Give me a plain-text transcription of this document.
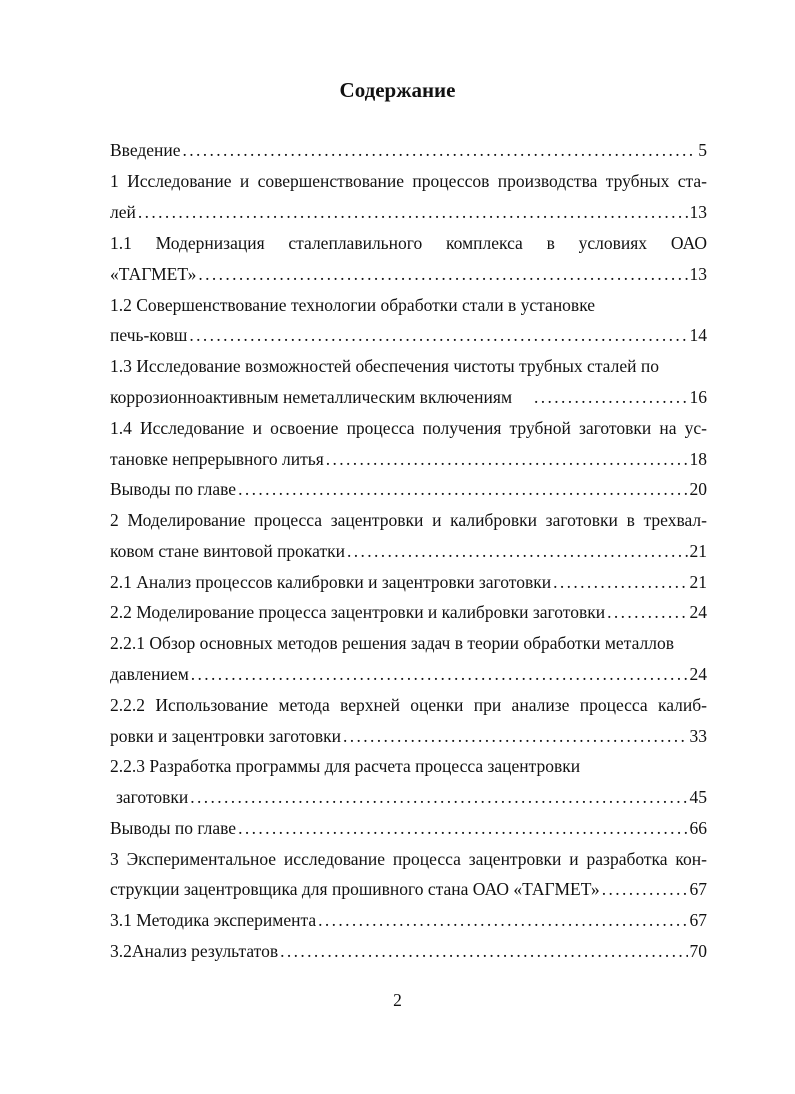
Содержание
Введение . . .	5
1 Исследование и совершенствование процессов производства трубных ста-
лей . . .	13
1.1 Модернизация сталеплавильного комплекса в условиях ОАО
«ТАГМЕТ» . . .	13
1.2 Совершенствование технологии обработки стали в установке
печь-ковш . . .	14
1.3 Исследование возможностей обеспечения чистоты трубных сталей по
коррозионноактивным неметаллическим включениям . . .	16
1.4 Исследование и освоение процесса получения трубной заготовки на ус-
тановке непрерывного литья . . .	18
Выводы по главе . . .	20
2 Моделирование процесса зацентровки и калибровки заготовки в трехвал-
ковом стане винтовой прокатки . . .	21
2.1 Анализ процессов калибровки и зацентровки заготовки . . .	21
2.2 Моделирование процесса зацентровки и калибровки заготовки . . .	24
2.2.1 Обзор основных методов решения задач в теории обработки металлов
давлением . . .	24
2.2.2 Использование метода верхней оценки при анализе процесса калиб-
ровки и зацентровки заготовки . . .	33
2.2.3 Разработка программы для расчета процесса зацентровки
заготовки . . .	45
Выводы по главе . . .	66
3 Экспериментальное исследование процесса зацентровки и разработка кон-
струкции зацентровщика для прошивного стана ОАО «ТАГМЕТ» . . .	67
3.1 Методика эксперимента . . .	67
3.2Анализ результатов . . .	70
2
